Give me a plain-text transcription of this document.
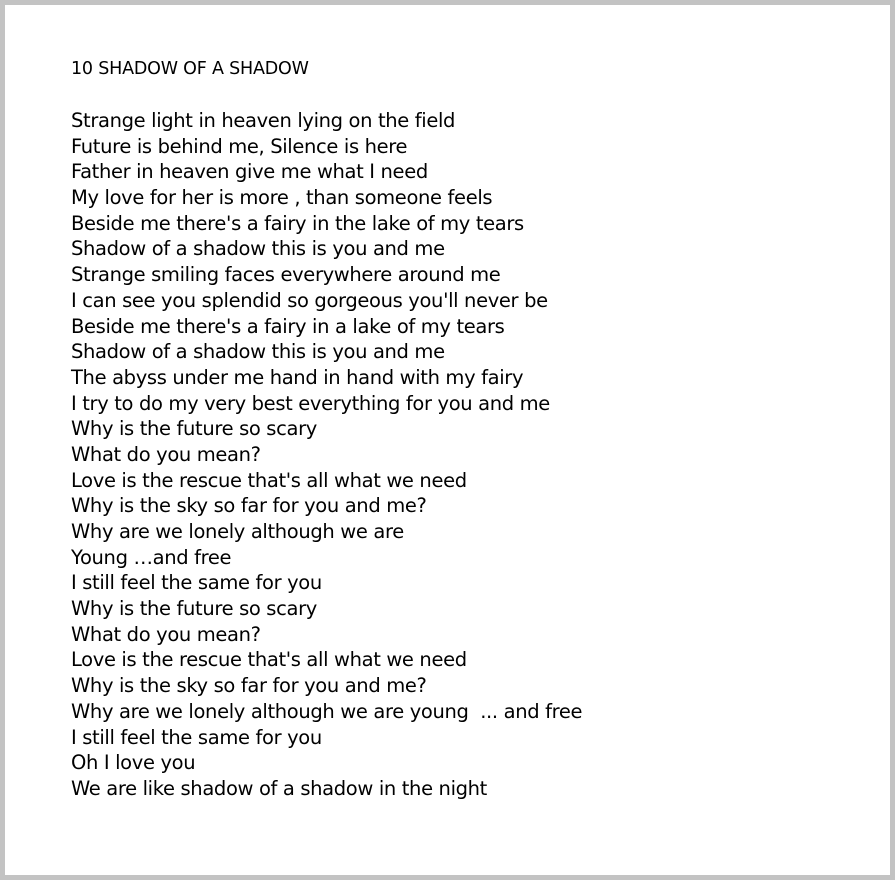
10 SHADOW OF A SHADOW
Strange light in heaven lying on the field
Future is behind me, Silence is here
Father in heaven give me what I need
My love for her is more , than someone feels
Beside me there's a fairy in the lake of my tears
Shadow of a shadow this is you and me
Strange smiling faces everywhere around me
I can see you splendid so gorgeous you'll never be
Beside me there's a fairy in a lake of my tears
Shadow of a shadow this is you and me
The abyss under me hand in hand with my fairy
I try to do my very best everything for you and me
Why is the future so scary
What do you mean?
Love is the rescue that's all what we need
Why is the sky so far for you and me?
Why are we lonely although we are
Young …and free
I still feel the same for you
Why is the future so scary
What do you mean?
Love is the rescue that's all what we need
Why is the sky so far for you and me?
Why are we lonely although we are young  ... and free
I still feel the same for you
Oh I love you
We are like shadow of a shadow in the night
